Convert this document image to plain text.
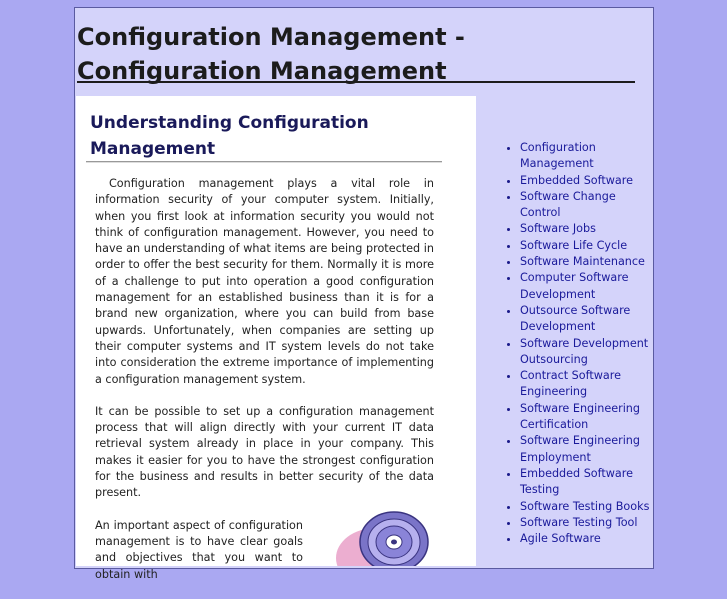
Configuration Management - Configuration Management
Understanding Configuration Management

Configuration management plays a vital role in information security of your computer system. Initially, when you first look at information security you would not think of configuration management. However, you need to have an understanding of what items are being protected in order to offer the best security for them. Normally it is more of a challenge to put into operation a good configuration management for an established business than it is for a brand new organization, where you can build from base upwards. Unfortunately, when companies are setting up their computer systems and IT system levels do not take into consideration the extreme importance of implementing a configuration management system.

It can be possible to set up a configuration management process that will align directly with your current IT data retrieval system already in place in your company. This makes it easier for you to have the strongest configuration for the business and results in better security of the data present.

An important aspect of configuration management is to have clear goals and objectives that you want to obtain with

• Configuration Management
• Embedded Software
• Software Change Control
• Software Jobs
• Software Life Cycle
• Software Maintenance
• Computer Software Development
• Outsource Software Development
• Software Development Outsourcing
• Contract Software Engineering
• Software Engineering Certification
• Software Engineering Employment
• Embedded Software Testing
• Software Testing Books
• Software Testing Tool
• Agile Software
